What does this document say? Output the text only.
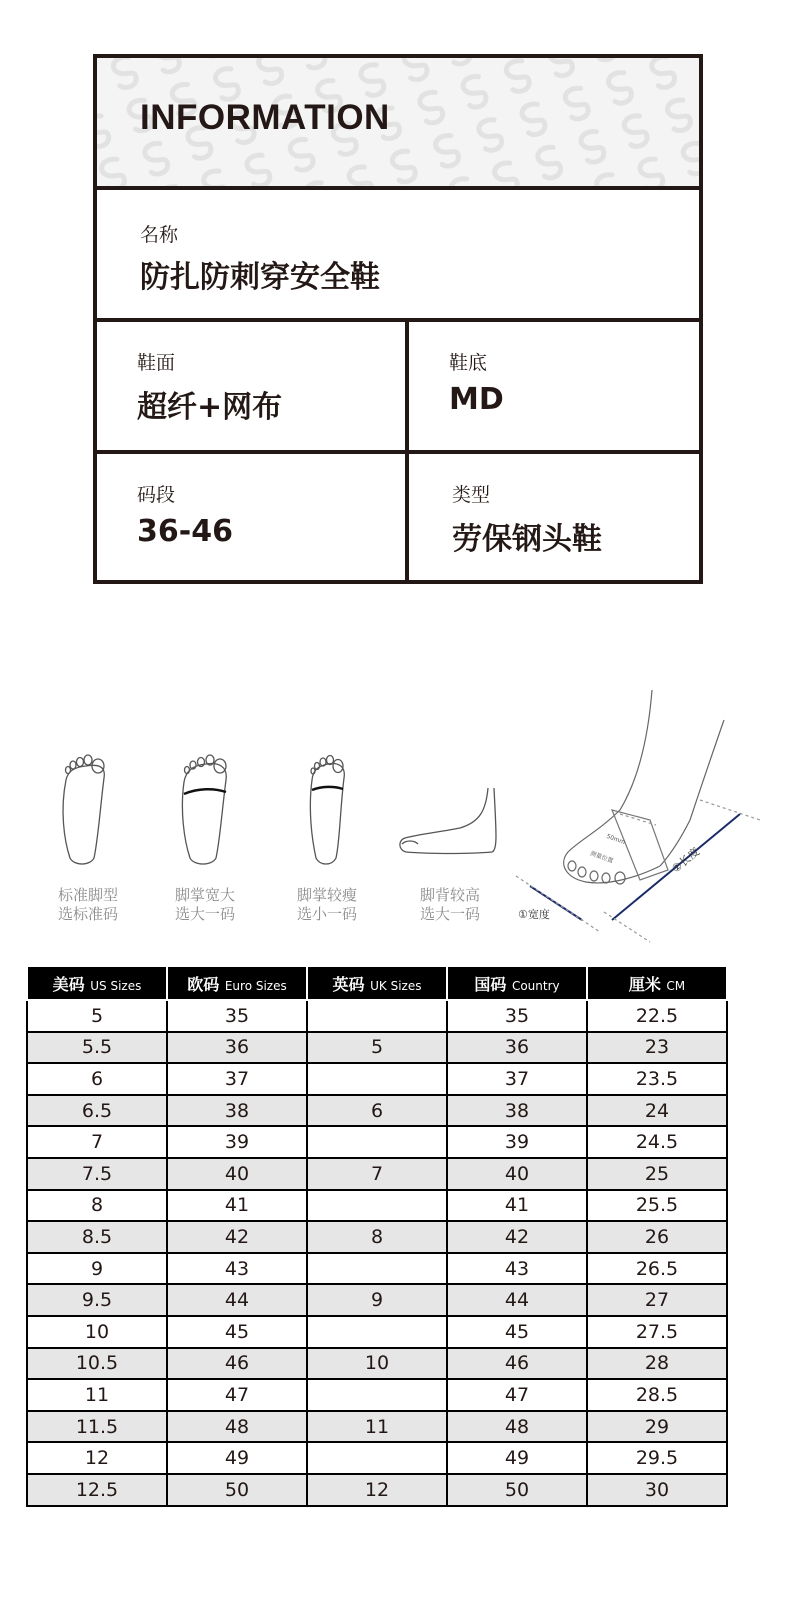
INFORMATION
名称
防扎防刺穿安全鞋
鞋面
超纤+网布
鞋底
MD
码段
36-46
类型
劳保钢头鞋
标准脚型
选标准码
脚掌宽大
选大一码
脚掌较瘦
选小一码
脚背较高
选大一码	①宽度
②长度
50mm
测量位置
美码 US Sizes	欧码 Euro Sizes	英码 UK Sizes	国码 Country	厘米 CM
5	35		35	22.5
5.5	36	5	36	23
6	37		37	23.5
6.5	38	6	38	24
7	39		39	24.5
7.5	40	7	40	25
8	41		41	25.5
8.5	42	8	42	26
9	43		43	26.5
9.5	44	9	44	27
10	45		45	27.5
10.5	46	10	46	28
11	47		47	28.5
11.5	48	11	48	29
12	49		49	29.5
12.5	50	12	50	30
